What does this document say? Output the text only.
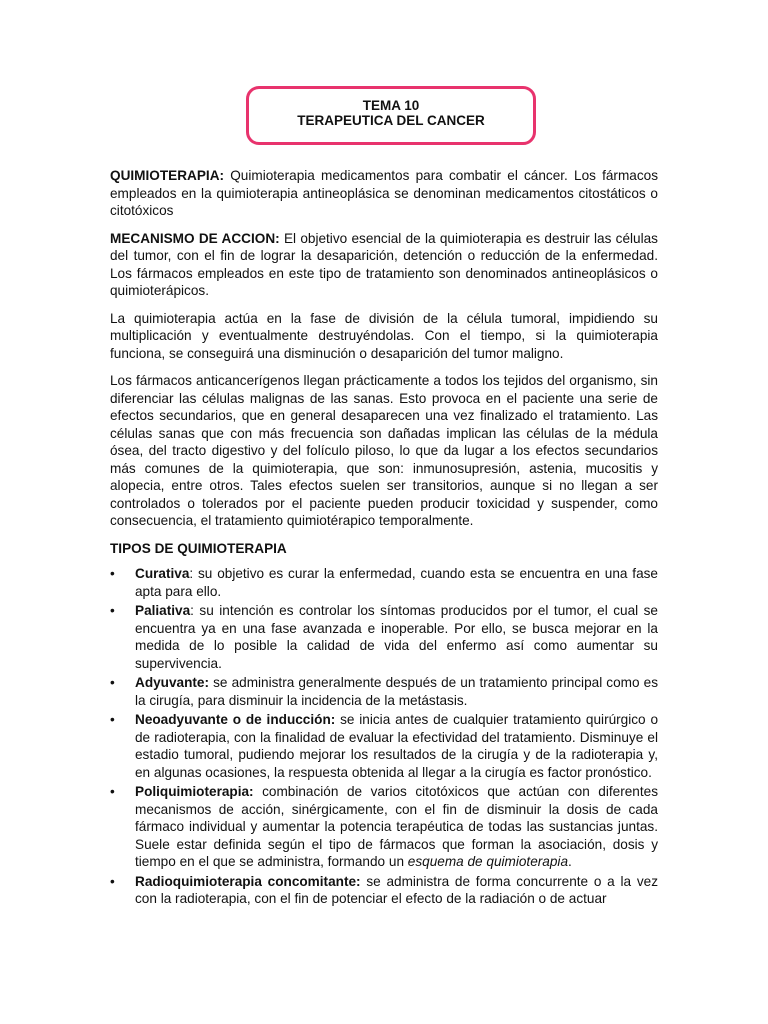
TEMA 10
TERAPEUTICA DEL CANCER

QUIMIOTERAPIA: Quimioterapia medicamentos para combatir el cáncer. Los fármacos empleados en la quimioterapia antineoplásica se denominan medicamentos citostáticos o citotóxicos

MECANISMO DE ACCION: El objetivo esencial de la quimioterapia es destruir las células del tumor, con el fin de lograr la desaparición, detención o reducción de la enfermedad. Los fármacos empleados en este tipo de tratamiento son denominados antineoplásicos o quimioterápicos.

La quimioterapia actúa en la fase de división de la célula tumoral, impidiendo su multiplicación y eventualmente destruyéndolas. Con el tiempo, si la quimioterapia funciona, se conseguirá una disminución o desaparición del tumor maligno.

Los fármacos anticancerígenos llegan prácticamente a todos los tejidos del organismo, sin diferenciar las células malignas de las sanas. Esto provoca en el paciente una serie de efectos secundarios, que en general desaparecen una vez finalizado el tratamiento. Las células sanas que con más frecuencia son dañadas implican las células de la médula ósea, del tracto digestivo y del folículo piloso, lo que da lugar a los efectos secundarios más comunes de la quimioterapia, que son: inmunosupresión, astenia, mucositis y alopecia, entre otros. Tales efectos suelen ser transitorios, aunque si no llegan a ser controlados o tolerados por el paciente pueden producir toxicidad y suspender, como consecuencia, el tratamiento quimiotérapico temporalmente.

TIPOS DE QUIMIOTERAPIA
• Curativa: su objetivo es curar la enfermedad, cuando esta se encuentra en una fase apta para ello.
• Paliativa: su intención es controlar los síntomas producidos por el tumor, el cual se encuentra ya en una fase avanzada e inoperable. Por ello, se busca mejorar en la medida de lo posible la calidad de vida del enfermo así como aumentar su supervivencia.
• Adyuvante: se administra generalmente después de un tratamiento principal como es la cirugía, para disminuir la incidencia de la metástasis.
• Neoadyuvante o de inducción: se inicia antes de cualquier tratamiento quirúrgico o de radioterapia, con la finalidad de evaluar la efectividad del tratamiento. Disminuye el estadio tumoral, pudiendo mejorar los resultados de la cirugía y de la radioterapia y, en algunas ocasiones, la respuesta obtenida al llegar a la cirugía es factor pronóstico.
• Poliquimioterapia: combinación de varios citotóxicos que actúan con diferentes mecanismos de acción, sinérgicamente, con el fin de disminuir la dosis de cada fármaco individual y aumentar la potencia terapéutica de todas las sustancias juntas. Suele estar definida según el tipo de fármacos que forman la asociación, dosis y tiempo en el que se administra, formando un esquema de quimioterapia.
• Radioquimioterapia concomitante: se administra de forma concurrente o a la vez con la radioterapia, con el fin de potenciar el efecto de la radiación o de actuar
